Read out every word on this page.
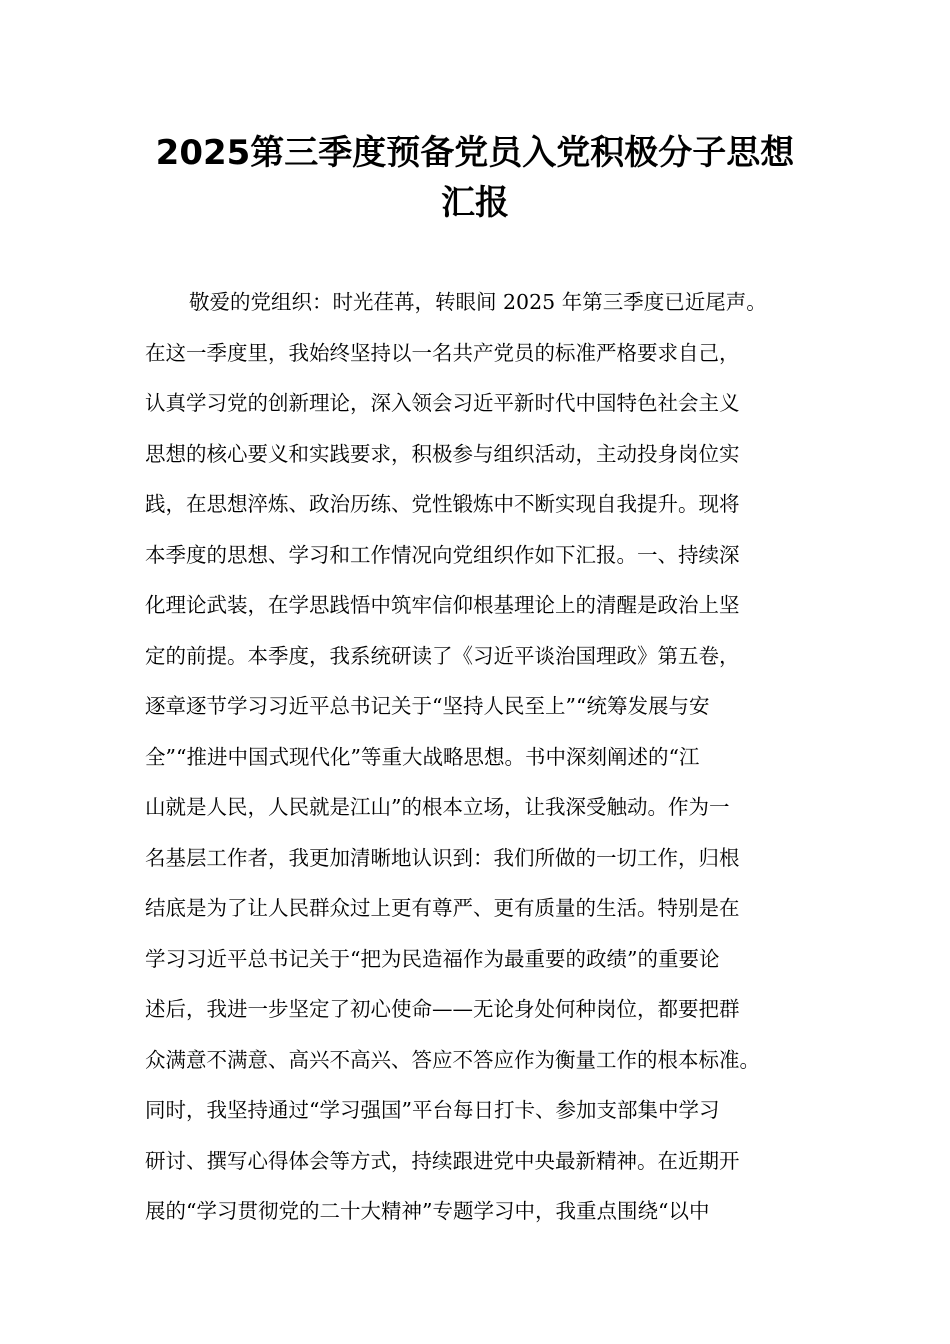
2025第三季度预备党员入党积极分子思想
汇报
敬爱的党组织：时光荏苒，转眼间 2025 年第三季度已近尾声。
在这一季度里，我始终坚持以一名共产党员的标准严格要求自己，
认真学习党的创新理论，深入领会习近平新时代中国特色社会主义
思想的核心要义和实践要求，积极参与组织活动，主动投身岗位实
践，在思想淬炼、政治历练、党性锻炼中不断实现自我提升。现将
本季度的思想、学习和工作情况向党组织作如下汇报。一、持续深
化理论武装，在学思践悟中筑牢信仰根基理论上的清醒是政治上坚
定的前提。本季度，我系统研读了《习近平谈治国理政》第五卷，
逐章逐节学习习近平总书记关于“坚持人民至上”“统筹发展与安
全”“推进中国式现代化”等重大战略思想。书中深刻阐述的“江
山就是人民，人民就是江山”的根本立场，让我深受触动。作为一
名基层工作者，我更加清晰地认识到：我们所做的一切工作，归根
结底是为了让人民群众过上更有尊严、更有质量的生活。特别是在
学习习近平总书记关于“把为民造福作为最重要的政绩”的重要论
述后，我进一步坚定了初心使命——无论身处何种岗位，都要把群
众满意不满意、高兴不高兴、答应不答应作为衡量工作的根本标准。
同时，我坚持通过“学习强国”平台每日打卡、参加支部集中学习
研讨、撰写心得体会等方式，持续跟进党中央最新精神。在近期开
展的“学习贯彻党的二十大精神”专题学习中，我重点围绕“以中
